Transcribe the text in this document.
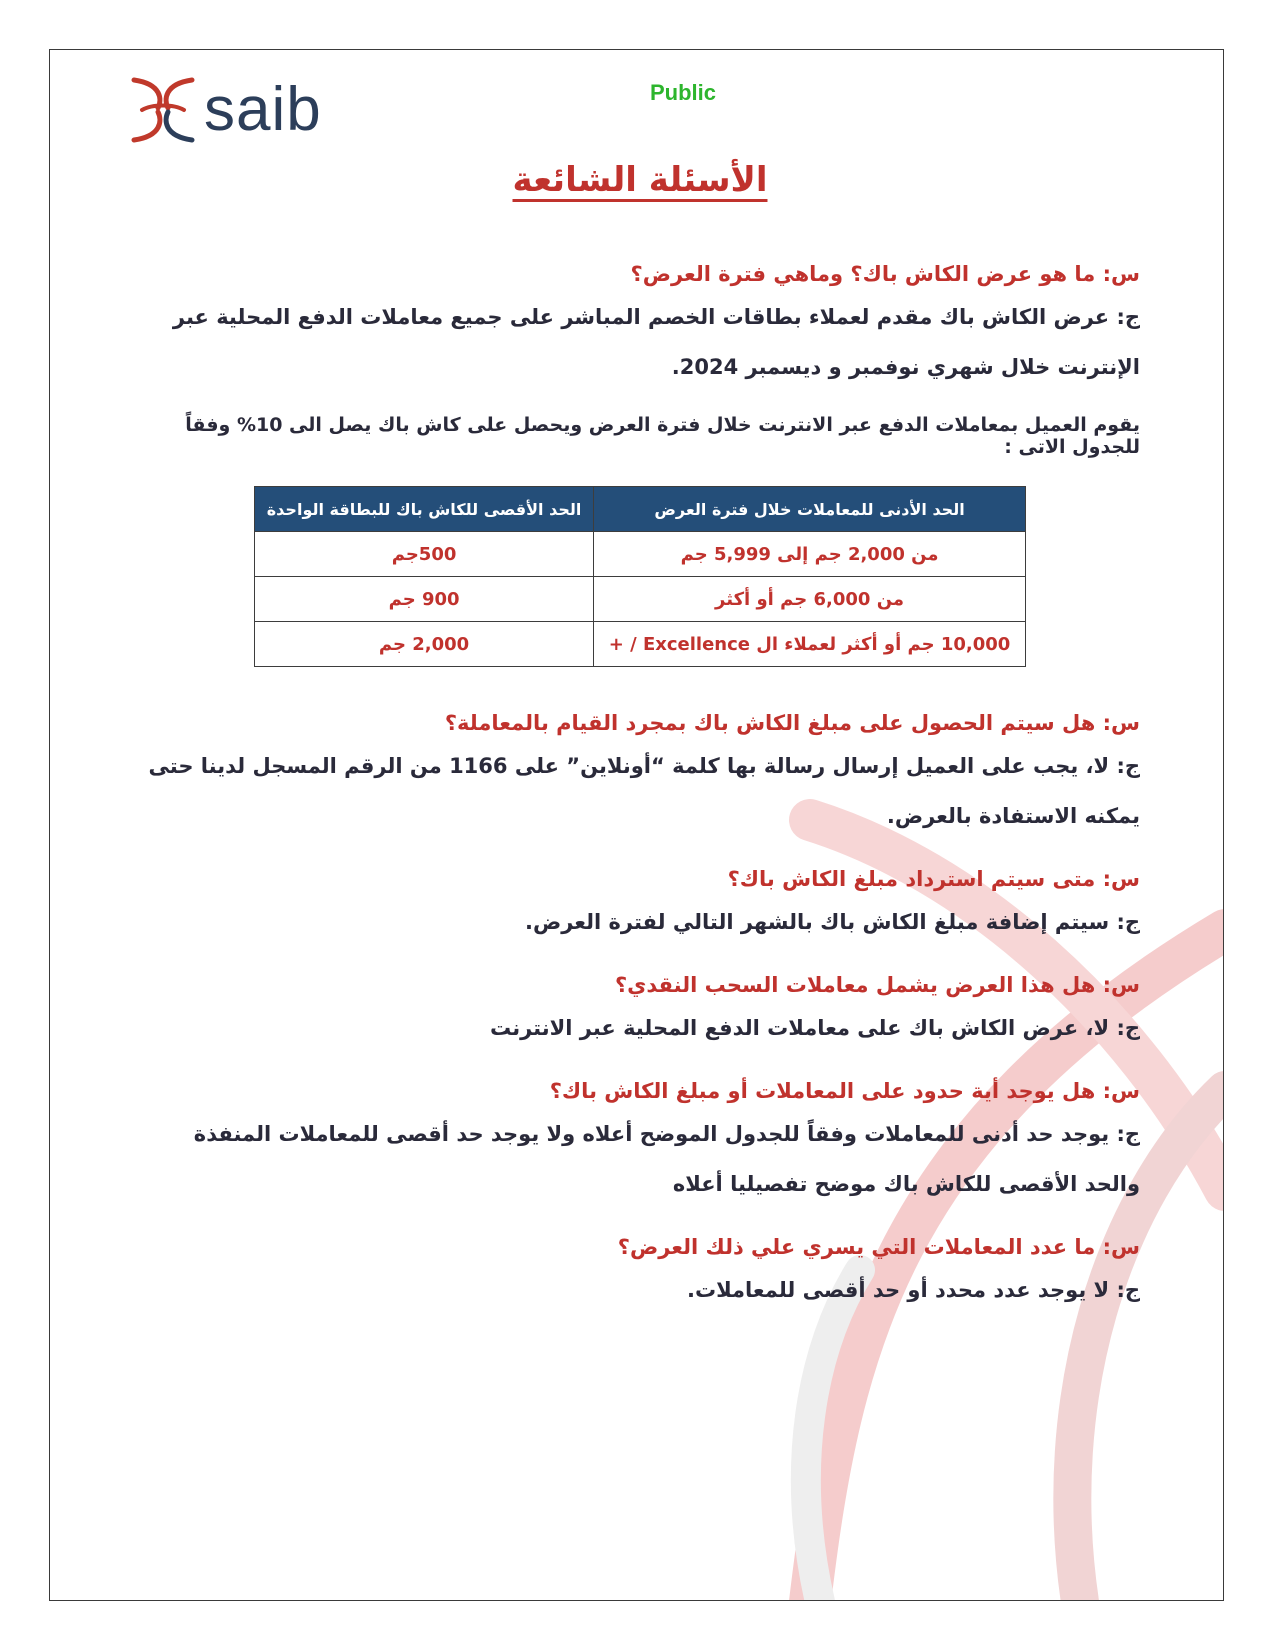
saib	Public
الأسئلة الشائعة

س: ما هو عرض الكاش باك؟ وماهي فترة العرض؟

ج: عرض الكاش باك مقدم لعملاء بطاقات الخصم المباشر على جميع معاملات الدفع المحلية عبر الإنترنت خلال شهري نوفمبر و ديسمبر 2024.

يقوم العميل بمعاملات الدفع عبر الانترنت خلال فترة العرض ويحصل على كاش باك يصل الى 10% وفقاً للجدول الاتى :

الحد الأدنى للمعاملات خلال فترة العرض	الحد الأقصى للكاش باك للبطاقة الواحدة
من 2,000 جم إلى 5,999 جم	500جم
من 6,000 جم أو أكثر	900 جم
10,000 جم أو أكثر لعملاء ال Excellence / +	2,000 جم

س: هل سيتم الحصول على مبلغ الكاش باك بمجرد القيام بالمعاملة؟

ج: لا، يجب على العميل إرسال رسالة بها كلمة “أونلاين” على 1166 من الرقم المسجل لدينا حتى يمكنه الاستفادة بالعرض.

س: متى سيتم استرداد مبلغ الكاش باك؟

ج: سيتم إضافة مبلغ الكاش باك بالشهر التالي لفترة العرض.

س: هل هذا العرض يشمل معاملات السحب النقدي؟

ج: لا، عرض الكاش باك على معاملات الدفع المحلية عبر الانترنت

س: هل يوجد أية حدود على المعاملات أو مبلغ الكاش باك؟

ج: يوجد حد أدنى للمعاملات وفقاً للجدول الموضح أعلاه ولا يوجد حد أقصى للمعاملات المنفذة والحد الأقصى للكاش باك موضح تفصيليا أعلاه

س: ما عدد المعاملات التي يسري علي ذلك العرض؟

ج: لا يوجد عدد محدد أو حد أقصى للمعاملات.
